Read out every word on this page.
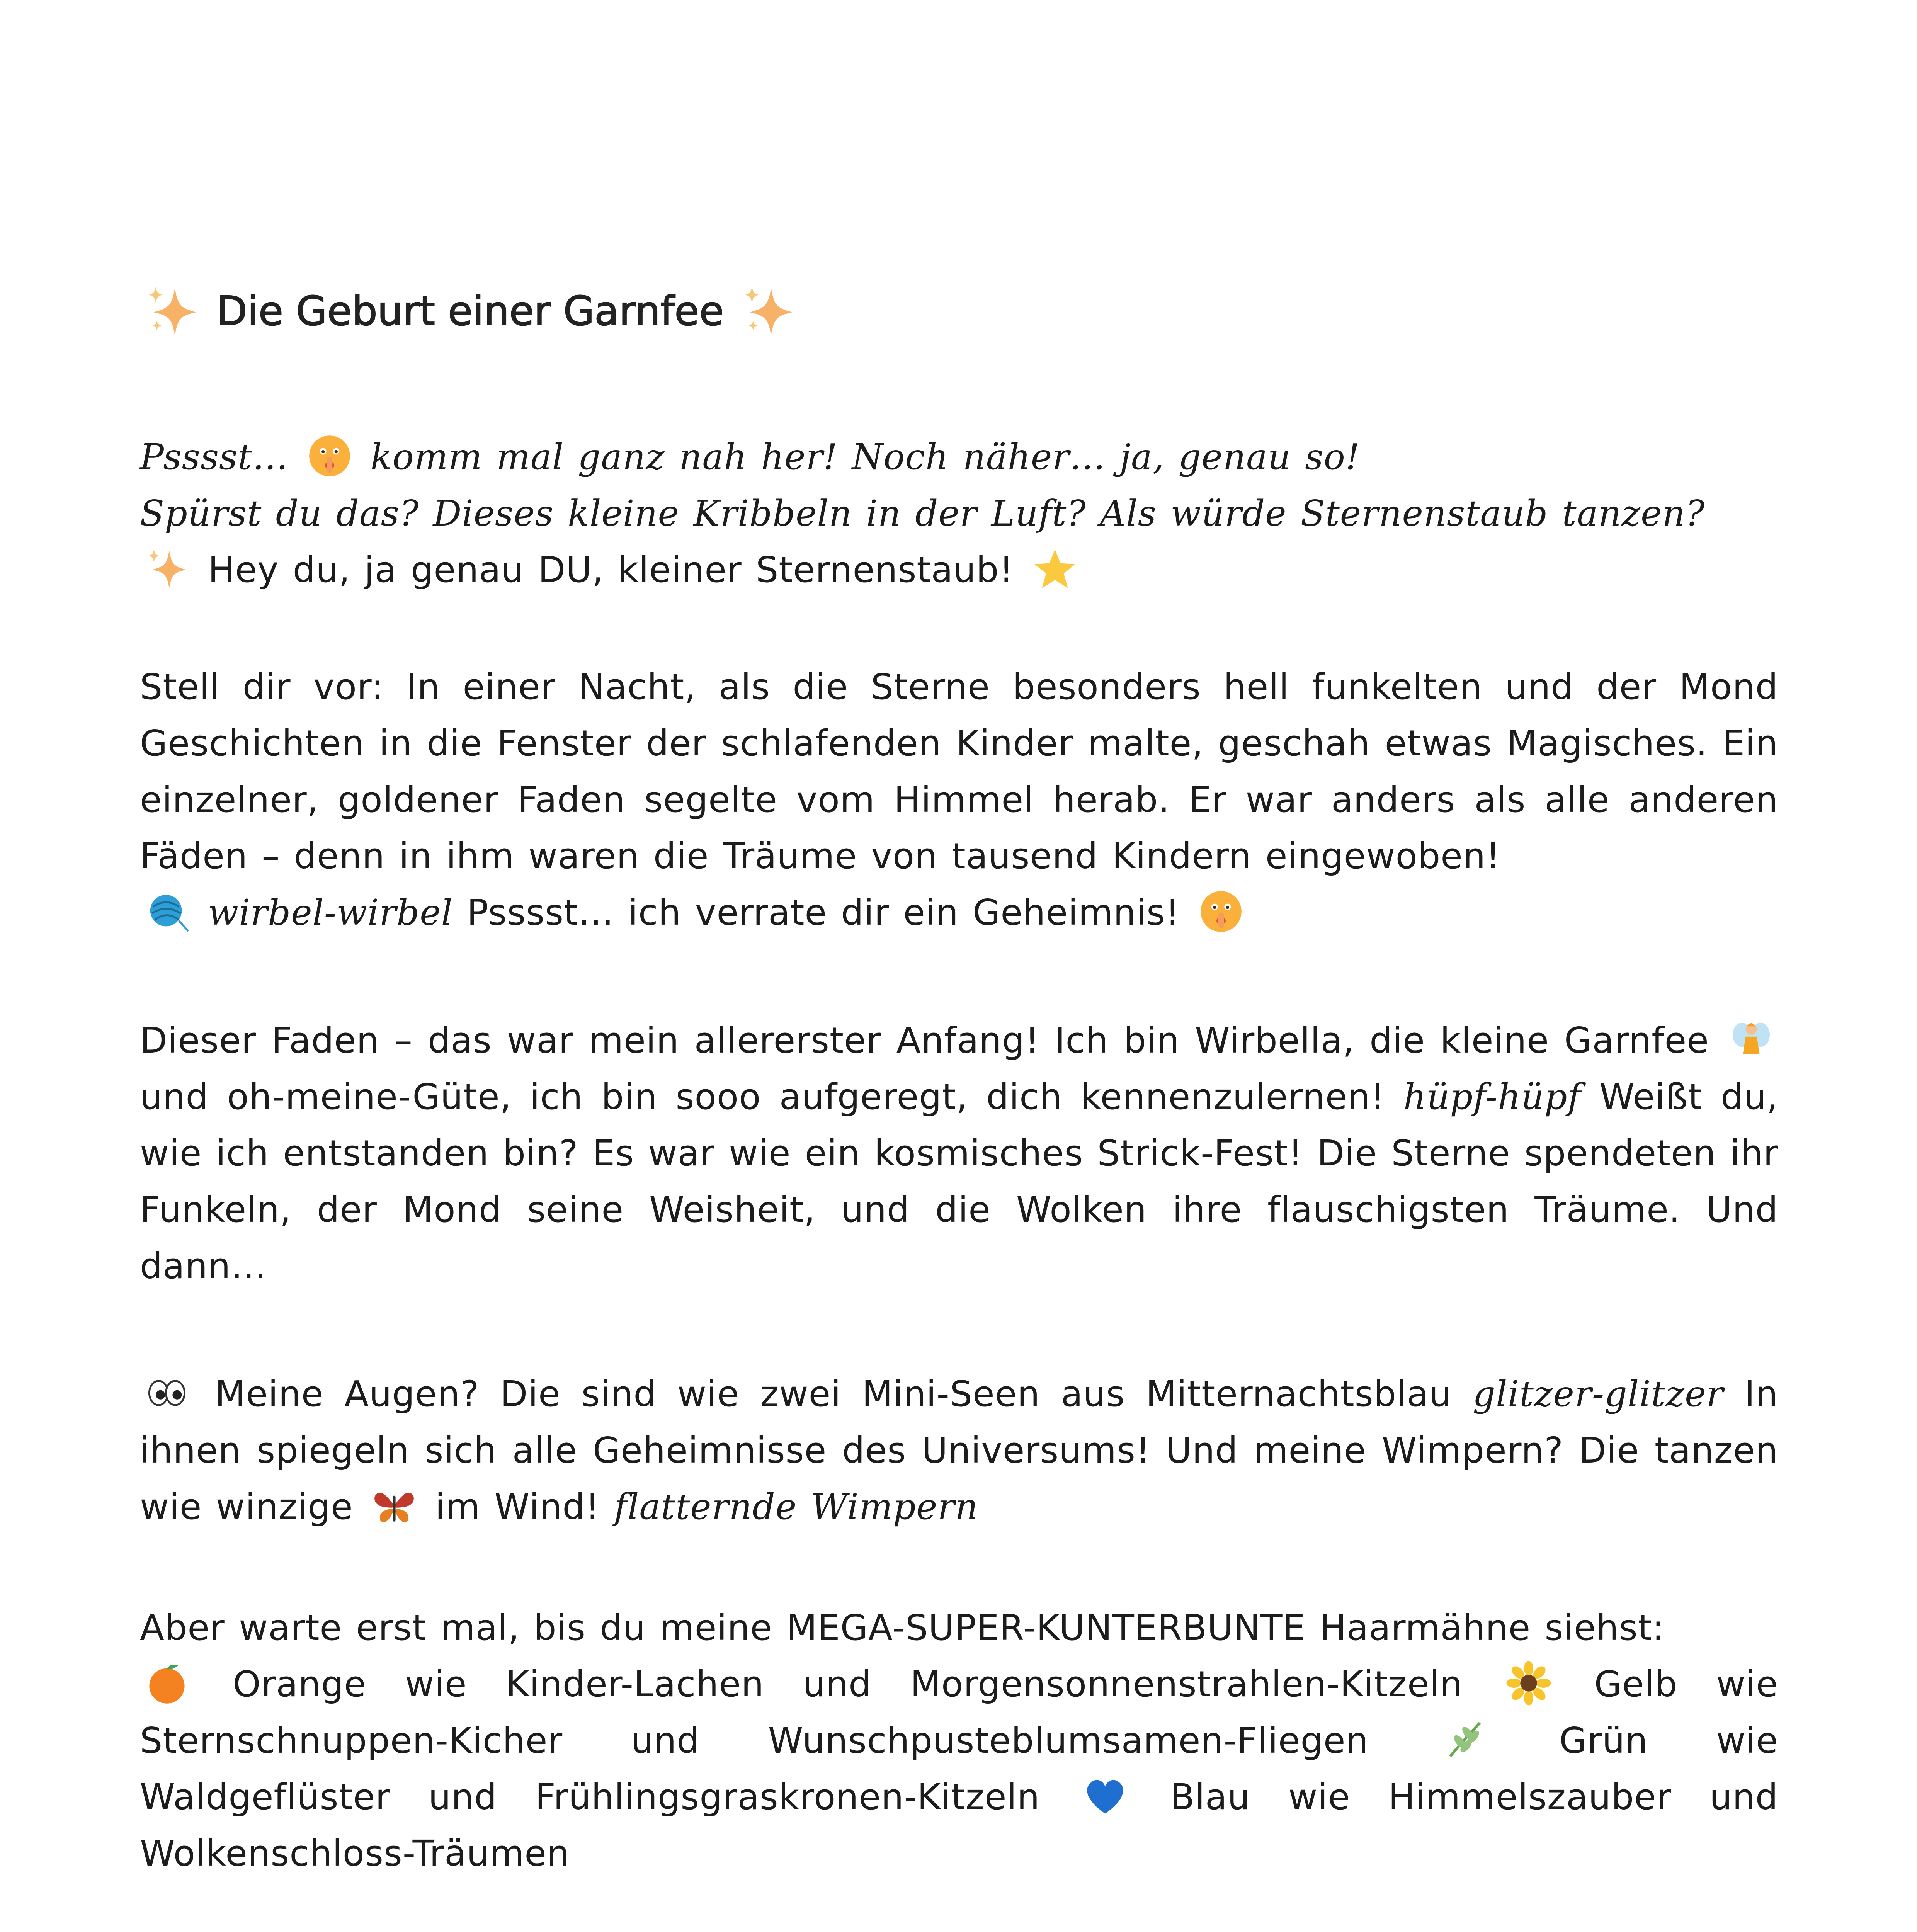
Die Geburt einer Garnfee
Psssst… komm mal ganz nah her! Noch näher… ja, genau so!
Spürst du das? Dieses kleine Kribbeln in der Luft? Als würde Sternenstaub tanzen?
Hey du, ja genau DU, kleiner Sternenstaub!
Stell dir vor: In einer Nacht, als die Sterne besonders hell funkelten und der Mond Geschichten in die Fenster der schlafenden Kinder malte, geschah etwas Magisches. Ein einzelner, goldener Faden segelte vom Himmel herab. Er war anders als alle anderen Fäden – denn in ihm waren die Träume von tausend Kindern eingewoben!
wirbel-wirbel Psssst… ich verrate dir ein Geheimnis!
Dieser Faden – das war mein allererster Anfang! Ich bin Wirbella, die kleine Garnfee
und oh-meine-Güte, ich bin sooo aufgeregt, dich kennenzulernen! hüpf-hüpf Weißt du, wie ich entstanden bin? Es war wie ein kosmisches Strick-Fest! Die Sterne spendeten ihr Funkeln, der Mond seine Weisheit, und die Wolken ihre flauschigsten Träume. Und dann…
Meine Augen? Die sind wie zwei Mini-Seen aus Mitternachtsblau glitzer-glitzer In ihnen spiegeln sich alle Geheimnisse des Universums! Und meine Wimpern? Die tanzen wie winzige im Wind! flatternde Wimpern
Aber warte erst mal, bis du meine MEGA-SUPER-KUNTERBUNTE Haarmähne siehst:
Orange wie Kinder-Lachen und Morgensonnenstrahlen-Kitzeln	Gelb wie Sternschnuppen-Kicher und Wunschpusteblumsamen-Fliegen	Grün wie Waldgeflüster und Frühlingsgraskronen-Kitzeln	Blau wie Himmelszauber und Wolkenschloss-Träumen
